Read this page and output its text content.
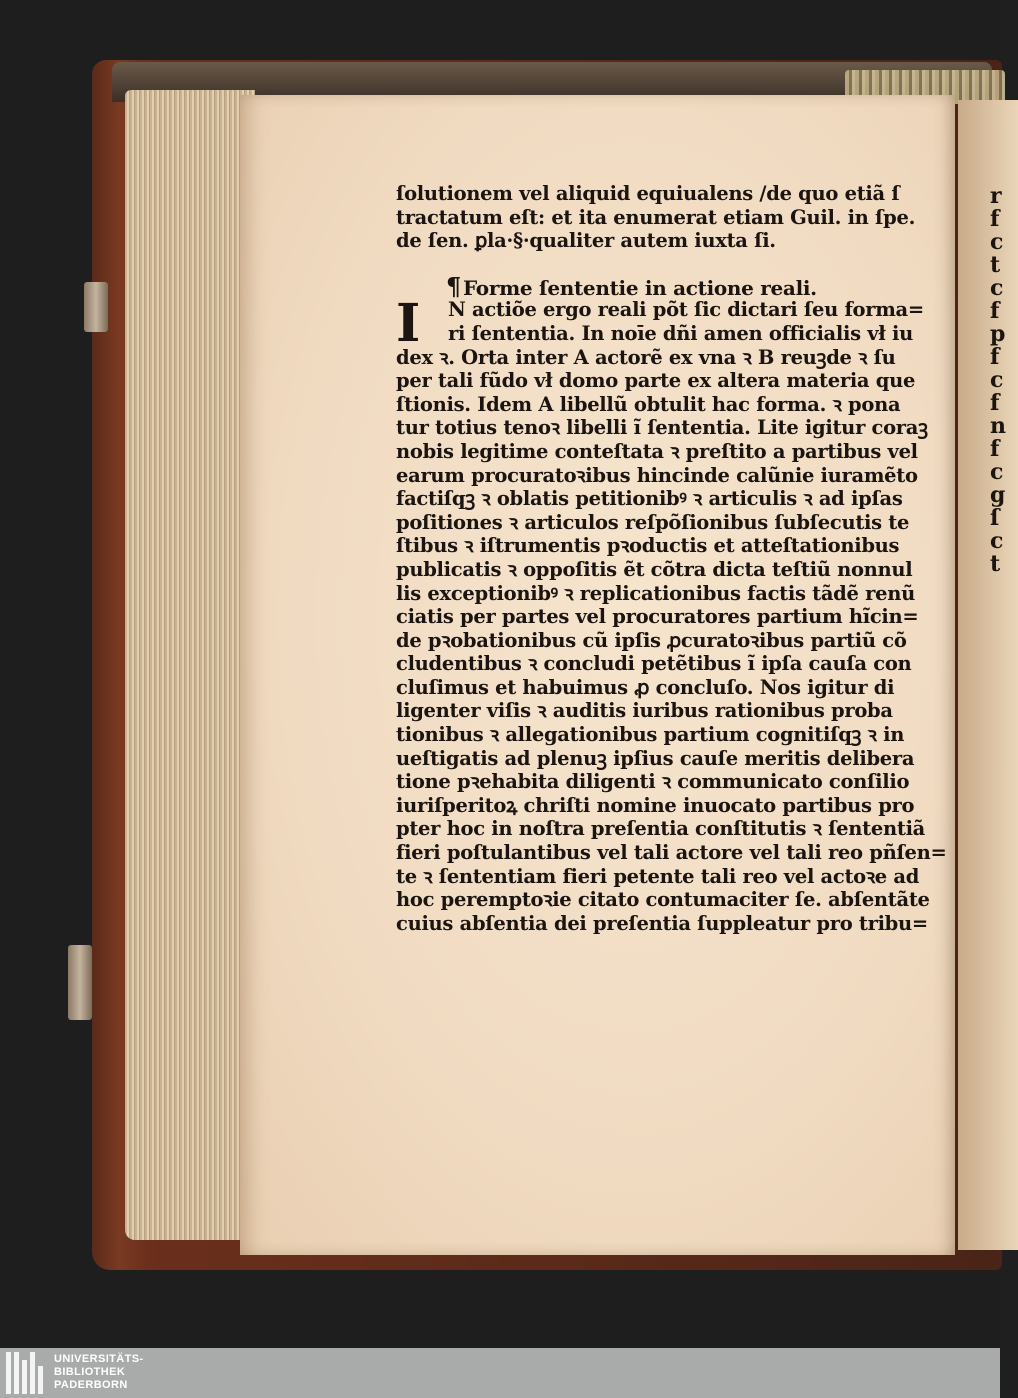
r
f
c
t
c
f
p
f
c
f
n
f
c
g
ſ
c
t
ſolutionem vel aliquid equiualens /de quo etiã ſ
tractatum eſt: et ita enumerat etiam Guil. in ſpe.
de ſen. ꝑla·§·qualiter autem iuxta ſi.
¶ Forme ſententie in actione reali.
I	N actiõe ergo reali põt ſic dictari ſeu forma=
ri ſententia. In noīe dñi amen officialis vł iu
dex ꝛ. Orta inter A actorẽ ex vna ꝛ B reuꝫde ꝛ ſu
per tali fũdo vł domo parte ex altera materia que
ſtionis. Idem A libellũ obtulit hac forma. ꝛ pona
tur totius tenoꝛ libelli ĩ ſententia. Lite igitur coraꝫ
nobis legitime conteſtata ꝛ preſtito a partibus vel
earum procuratoꝛibus hincinde calũnie iuramẽto
factiſqꝫ ꝛ oblatis petitionibꝰ ꝛ articulis ꝛ ad ipſas
poſitiones ꝛ articulos reſpõſionibus ſubſecutis te
ſtibus ꝛ iſtrumentis pꝛoductis et atteſtationibus
publicatis ꝛ oppoſitis ẽt cõtra dicta teſtiũ nonnul
lis exceptionibꝰ ꝛ replicationibus factis tãdẽ renũ
ciatis per partes vel procuratores partium hĩcin=
de pꝛobationibus cũ ipſis ꝓcuratoꝛibus partiũ cõ
cludentibus ꝛ concludi petẽtibus ĩ ipſa cauſa con
cluſimus et habuimus ꝓ concluſo. Nos igitur di
ligenter viſis ꝛ auditis iuribus rationibus proba
tionibus ꝛ allegationibus partium cognitiſqꝫ ꝛ in
ueſtigatis ad plenuꝫ ipſius cauſe meritis delibera
tione pꝛehabita diligenti ꝛ communicato conſilio
iuriſperitoꝝ chriſti nomine inuocato partibus pro
pter hoc in noſtra preſentia conſtitutis ꝛ ſententiã
fieri poſtulantibus vel tali actore vel tali reo pñſen=
te ꝛ ſententiam fieri petente tali reo vel actoꝛe ad
hoc peremptoꝛie citato contumaciter ſe. abſentãte
cuius abſentia dei preſentia ſuppleatur pro tribu=
UNIVERSITÄTS-
BIBLIOTHEK
PADERBORN
